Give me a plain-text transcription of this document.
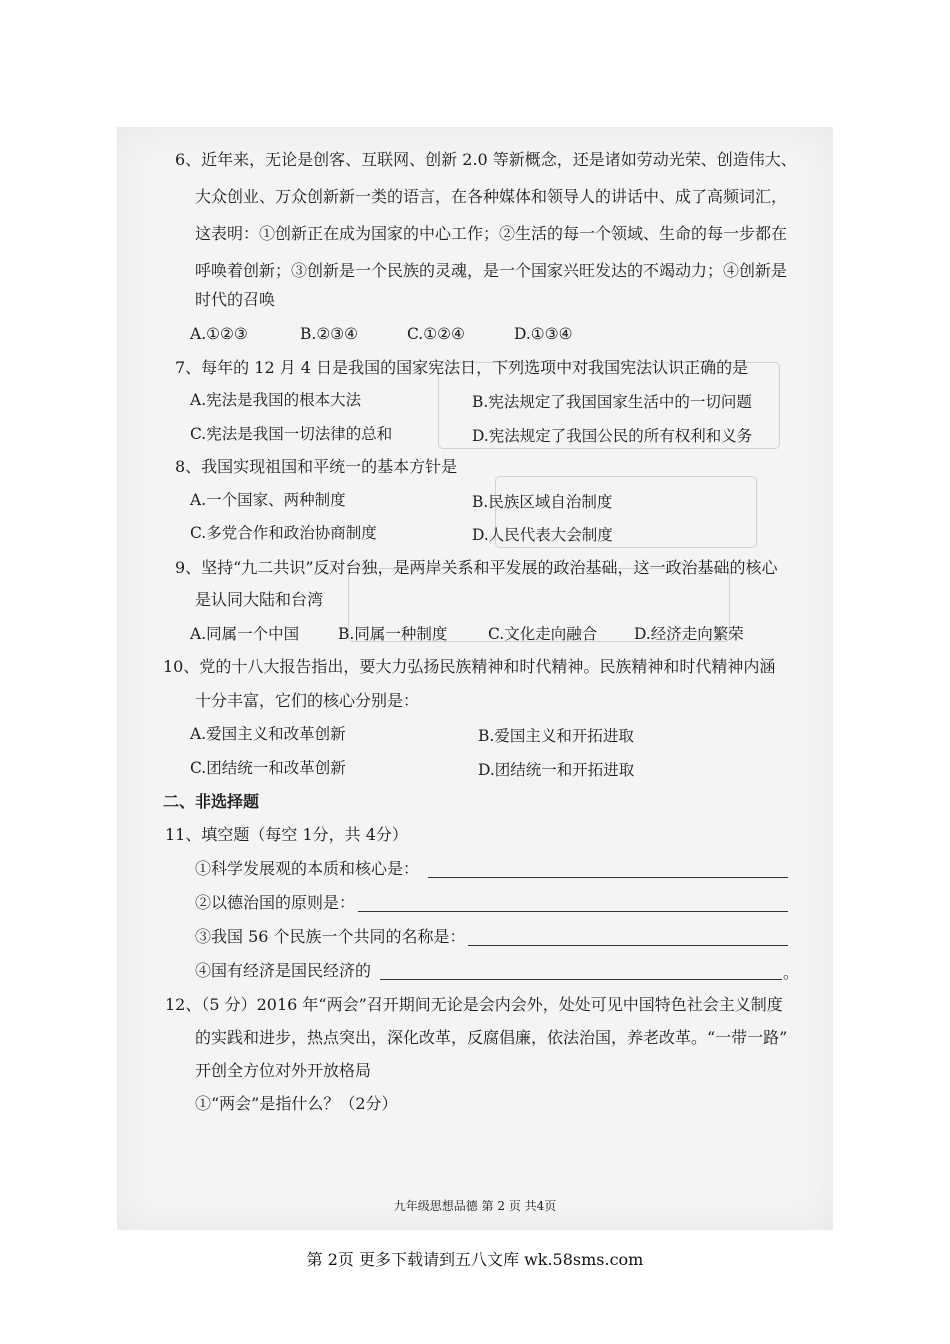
6、近年来，无论是创客、互联网、创新 2.0 等新概念，还是诸如劳动光荣、创造伟大、
大众创业、万众创新新一类的语言，在各种媒体和领导人的讲话中、成了高频词汇，
这表明：①创新正在成为国家的中心工作；②生活的每一个领域、生命的每一步都在
呼唤着创新；③创新是一个民族的灵魂，是一个国家兴旺发达的不竭动力；④创新是
时代的召唤
A.①②③	B.②③④	C.①②④	D.①③④
7、每年的 12 月 4 日是我国的国家宪法日，下列选项中对我国宪法认识正确的是
A.宪法是我国的根本大法	B.宪法规定了我国国家生活中的一切问题
C.宪法是我国一切法律的总和	D.宪法规定了我国公民的所有权利和义务
8、我国实现祖国和平统一的基本方针是
A.一个国家、两种制度	B.民族区域自治制度
C.多党合作和政治协商制度	D.人民代表大会制度
9、坚持“九二共识”反对台独，是两岸关系和平发展的政治基础，这一政治基础的核心
是认同大陆和台湾
A.同属一个中国	B.同属一种制度	C.文化走向融合 D.经济走向繁荣
10、党的十八大报告指出，要大力弘扬民族精神和时代精神。民族精神和时代精神内涵
十分丰富，它们的核心分别是：
A.爱国主义和改革创新	B.爱国主义和开拓进取
C.团结统一和改革创新	D.团结统一和开拓进取
二、非选择题
11、填空题（每空 1分，共 4分）
①科学发展观的本质和核心是：
②以德治国的原则是：
③我国 56 个民族一个共同的名称是：
④国有经济是国民经济的	。
12、（5 分）2016 年“两会”召开期间无论是会内会外，处处可见中国特色社会主义制度
的实践和进步，热点突出，深化改革，反腐倡廉，依法治国，养老改革。“一带一路”
开创全方位对外开放格局
①“两会”是指什么？（2分）
九年级思想品德 第 2 页 共4页
第 2页 更多下载请到五八文库 wk.58sms.com
